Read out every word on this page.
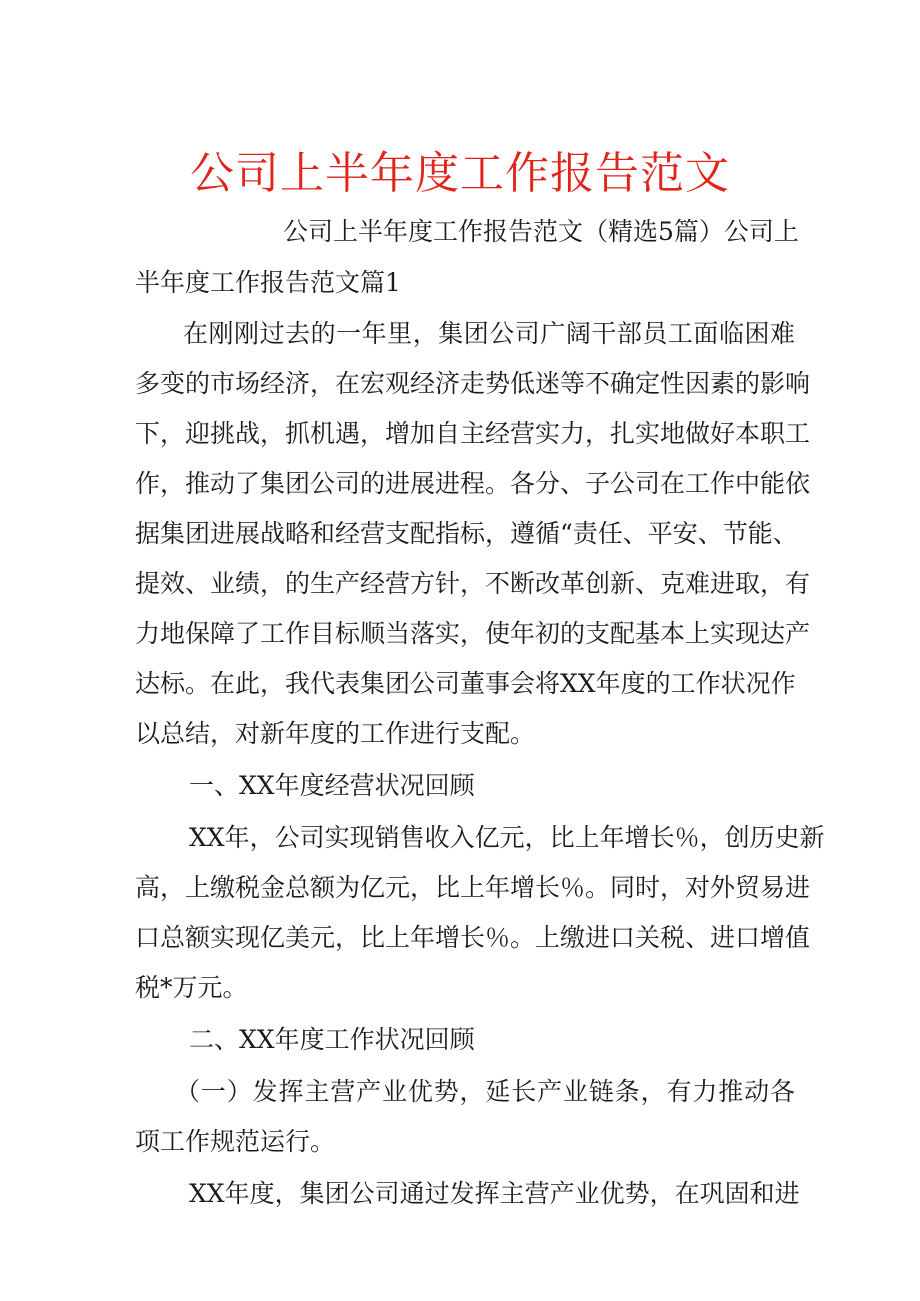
公司上半年度工作报告范文
公司上半年度工作报告范文（精选5篇）公司上
半年度工作报告范文篇1
在刚刚过去的一年里，集团公司广阔干部员工面临困难
多变的市场经济，在宏观经济走势低迷等不确定性因素的影响
下，迎挑战，抓机遇，增加自主经营实力，扎实地做好本职工
作，推动了集团公司的进展进程。各分、子公司在工作中能依
据集团进展战略和经营支配指标，遵循“责任、平安、节能、
提效、业绩，的生产经营方针，不断改革创新、克难进取，有
力地保障了工作目标顺当落实，使年初的支配基本上实现达产
达标。在此，我代表集团公司董事会将XX年度的工作状况作
以总结，对新年度的工作进行支配。
一、XX年度经营状况回顾
XX年，公司实现销售收入亿元，比上年增长％，创历史新
高，上缴税金总额为亿元，比上年增长％。同时，对外贸易进
口总额实现亿美元，比上年增长％。上缴进口关税、进口增值
税*万元。
二、XX年度工作状况回顾
（一）发挥主营产业优势，延长产业链条，有力推动各
项工作规范运行。
XX年度，集团公司通过发挥主营产业优势，在巩固和进
